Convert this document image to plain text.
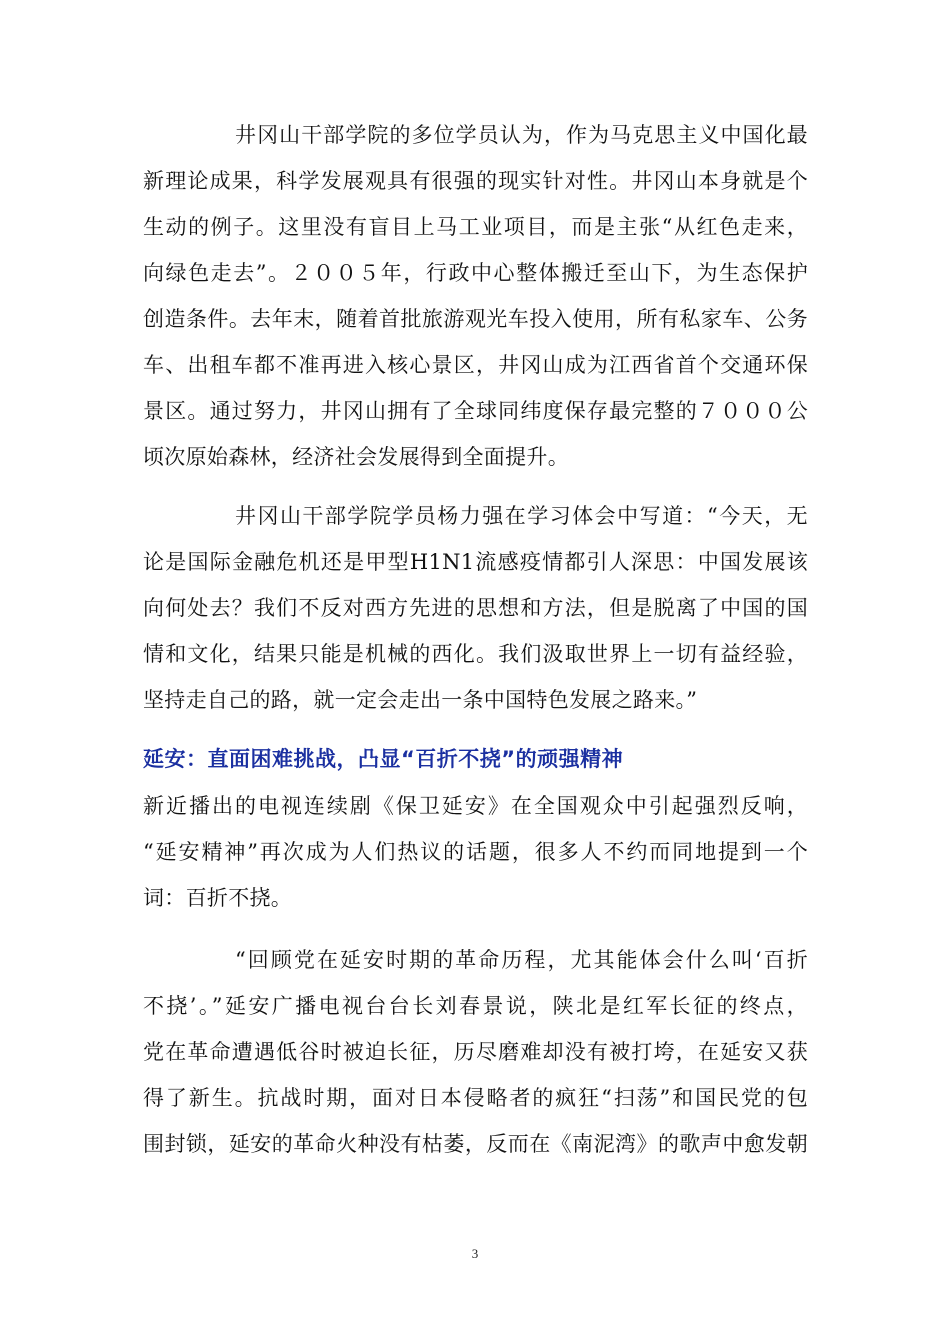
井冈山干部学院的多位学员认为，作为马克思主义中国化最
新理论成果，科学发展观具有很强的现实针对性。井冈山本身就是个
生动的例子。这里没有盲目上马工业项目，而是主张“从红色走来，
向绿色走去”。２００５年，行政中心整体搬迁至山下，为生态保护
创造条件。去年末，随着首批旅游观光车投入使用，所有私家车、公务
车、出租车都不准再进入核心景区，井冈山成为江西省首个交通环保
景区。通过努力，井冈山拥有了全球同纬度保存最完整的７０００公
顷次原始森林，经济社会发展得到全面提升。
井冈山干部学院学员杨力强在学习体会中写道：“今天，无
论是国际金融危机还是甲型H1N1流感疫情都引人深思：中国发展该
向何处去？我们不反对西方先进的思想和方法，但是脱离了中国的国
情和文化，结果只能是机械的西化。我们汲取世界上一切有益经验，
坚持走自己的路，就一定会走出一条中国特色发展之路来。”
延安：直面困难挑战，凸显“百折不挠”的顽强精神
新近播出的电视连续剧《保卫延安》在全国观众中引起强烈反响，
“延安精神”再次成为人们热议的话题，很多人不约而同地提到一个
词：百折不挠。
“回顾党在延安时期的革命历程，尤其能体会什么叫‘百折
不挠’。”延安广播电视台台长刘春景说，陕北是红军长征的终点，
党在革命遭遇低谷时被迫长征，历尽磨难却没有被打垮，在延安又获
得了新生。抗战时期，面对日本侵略者的疯狂“扫荡”和国民党的包
围封锁，延安的革命火种没有枯萎，反而在《南泥湾》的歌声中愈发朝
3
